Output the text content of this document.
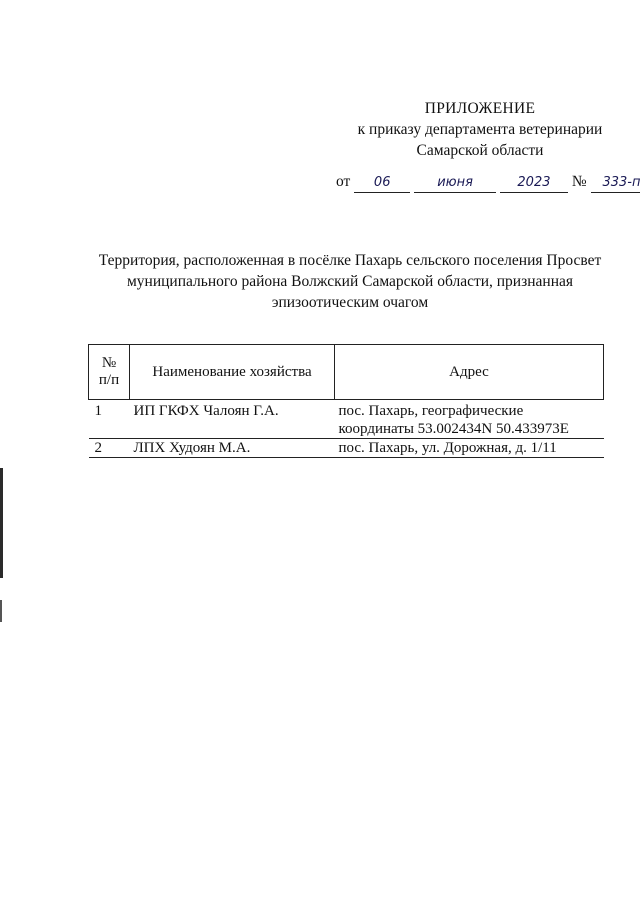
ПРИЛОЖЕНИЕ
к приказу департамента ветеринарии
Самарской области
от 06	июня	2023 № 333-п
Территория, расположенная в посёлке Пахарь сельского поселения Просвет
муниципального района Волжский Самарской области, признанная
эпизоотическим очагом
№
п/п	Наименование хозяйства	Адрес
1	ИП ГКФХ Чалоян Г.А.	пос. Пахарь, географические
координаты 53.002434N 50.433973E

2	ЛПХ Худоян М.А.	пос. Пахарь, ул. Дорожная, д. 1/11
